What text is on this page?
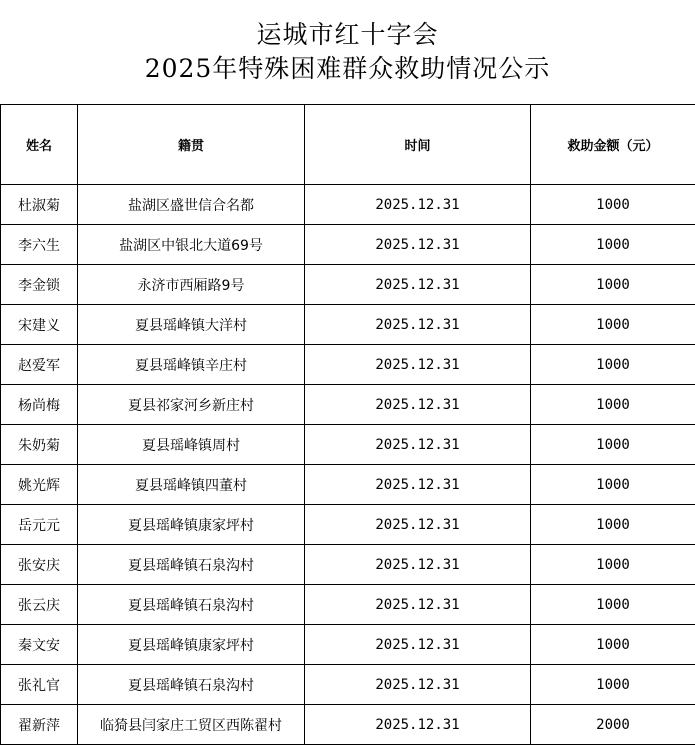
运城市红十字会
2025年特殊困难群众救助情况公示
姓名	籍贯	时间	救助金额（元）
杜淑菊	盐湖区盛世信合名都	2025.12.31	1000
李六生	盐湖区中银北大道69号	2025.12.31	1000
李金锁	永济市西厢路9号	2025.12.31	1000
宋建义	夏县瑶峰镇大洋村	2025.12.31	1000
赵爱军	夏县瑶峰镇辛庄村	2025.12.31	1000
杨尚梅	夏县祁家河乡新庄村	2025.12.31	1000
朱奶菊	夏县瑶峰镇周村	2025.12.31	1000
姚光辉	夏县瑶峰镇四董村	2025.12.31	1000
岳元元	夏县瑶峰镇康家坪村	2025.12.31	1000
张安庆	夏县瑶峰镇石泉沟村	2025.12.31	1000
张云庆	夏县瑶峰镇石泉沟村	2025.12.31	1000
秦文安	夏县瑶峰镇康家坪村	2025.12.31	1000
张礼官	夏县瑶峰镇石泉沟村	2025.12.31	1000
翟新萍	临猗县闫家庄工贸区西陈翟村	2025.12.31	2000
